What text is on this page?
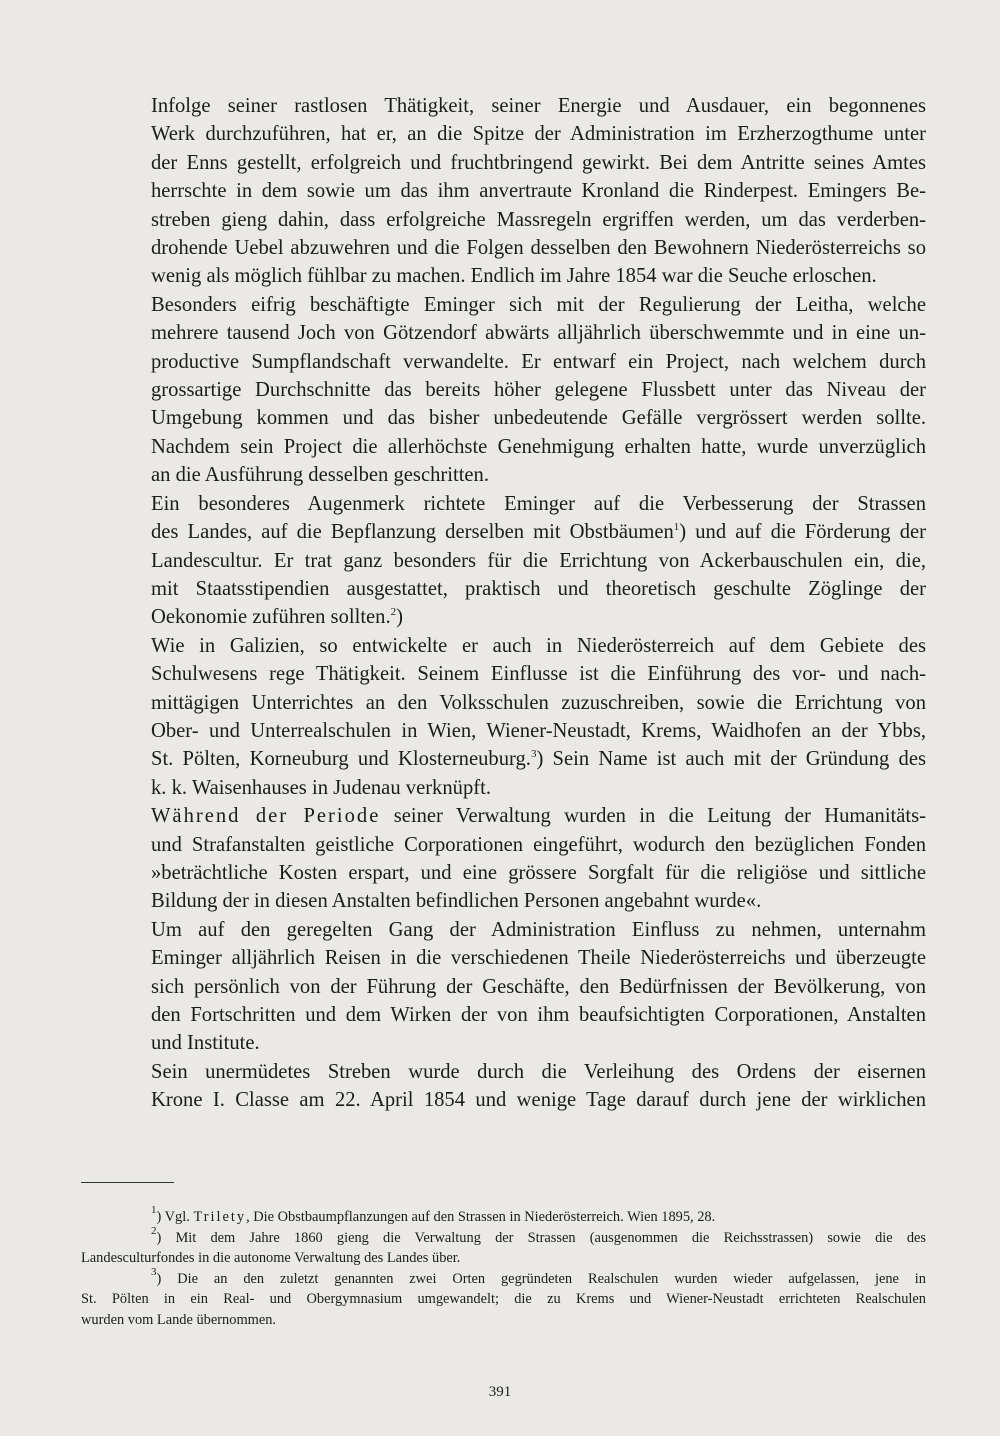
Infolge seiner rastlosen Thätigkeit, seiner Energie und Ausdauer, ein begonnenes
Werk durchzuführen, hat er, an die Spitze der Administration im Erzherzogthume unter
der Enns gestellt, erfolgreich und fruchtbringend gewirkt. Bei dem Antritte seines Amtes
herrschte in dem sowie um das ihm anvertraute Kronland die Rinderpest. Emingers Be-
streben gieng dahin, dass erfolgreiche Massregeln ergriffen werden, um das verderben-
drohende Uebel abzuwehren und die Folgen desselben den Bewohnern Niederösterreichs so
wenig als möglich fühlbar zu machen. Endlich im Jahre 1854 war die Seuche erloschen.

Besonders eifrig beschäftigte Eminger sich mit der Regulierung der Leitha, welche
mehrere tausend Joch von Götzendorf abwärts alljährlich überschwemmte und in eine un-
productive Sumpflandschaft verwandelte. Er entwarf ein Project, nach welchem durch
grossartige Durchschnitte das bereits höher gelegene Flussbett unter das Niveau der
Umgebung kommen und das bisher unbedeutende Gefälle vergrössert werden sollte.
Nachdem sein Project die allerhöchste Genehmigung erhalten hatte, wurde unverzüglich
an die Ausführung desselben geschritten.

Ein besonderes Augenmerk richtete Eminger auf die Verbesserung der Strassen
des Landes, auf die Bepflanzung derselben mit Obstbäumen$^1$) und auf die Förderung der
Landescultur. Er trat ganz besonders für die Errichtung von Ackerbauschulen ein, die,
mit Staatsstipendien ausgestattet, praktisch und theoretisch geschulte Zöglinge der
Oekonomie zuführen sollten.$^2$)

Wie in Galizien, so entwickelte er auch in Niederösterreich auf dem Gebiete des
Schulwesens rege Thätigkeit. Seinem Einflusse ist die Einführung des vor- und nach-
mittägigen Unterrichtes an den Volksschulen zuzuschreiben, sowie die Errichtung von
Ober- und Unterrealschulen in Wien, Wiener-Neustadt, Krems, Waidhofen an der Ybbs,
St. Pölten, Korneuburg und Klosterneuburg.$^3$) Sein Name ist auch mit der Gründung des
k. k. Waisenhauses in Judenau verknüpft.

Während der Periode seiner Verwaltung wurden in die Leitung der Humanitäts-
und Strafanstalten geistliche Corporationen eingeführt, wodurch den bezüglichen Fonden
»beträchtliche Kosten erspart, und eine grössere Sorgfalt für die religiöse und sittliche
Bildung der in diesen Anstalten befindlichen Personen angebahnt wurde«.

Um auf den geregelten Gang der Administration Einfluss zu nehmen, unternahm
Eminger alljährlich Reisen in die verschiedenen Theile Niederösterreichs und überzeugte
sich persönlich von der Führung der Geschäfte, den Bedürfnissen der Bevölkerung, von
den Fortschritten und dem Wirken der von ihm beaufsichtigten Corporationen, Anstalten
und Institute.

Sein unermüdetes Streben wurde durch die Verleihung des Ordens der eisernen
Krone I. Classe am 22. April 1854 und wenige Tage darauf durch jene der wirklichen

$^1$) Vgl. Trilety, Die Obstbaumpflanzungen auf den Strassen in Niederösterreich. Wien 1895, 28.

$^2$) Mit dem Jahre 1860 gieng die Verwaltung der Strassen (ausgenommen die Reichsstrassen) sowie die des
Landesculturfondes in die autonome Verwaltung des Landes über.

$^3$) Die an den zuletzt genannten zwei Orten gegründeten Realschulen wurden wieder aufgelassen, jene in
St. Pölten in ein Real- und Obergymnasium umgewandelt; die zu Krems und Wiener-Neustadt errichteten Realschulen
wurden vom Lande übernommen.

391
